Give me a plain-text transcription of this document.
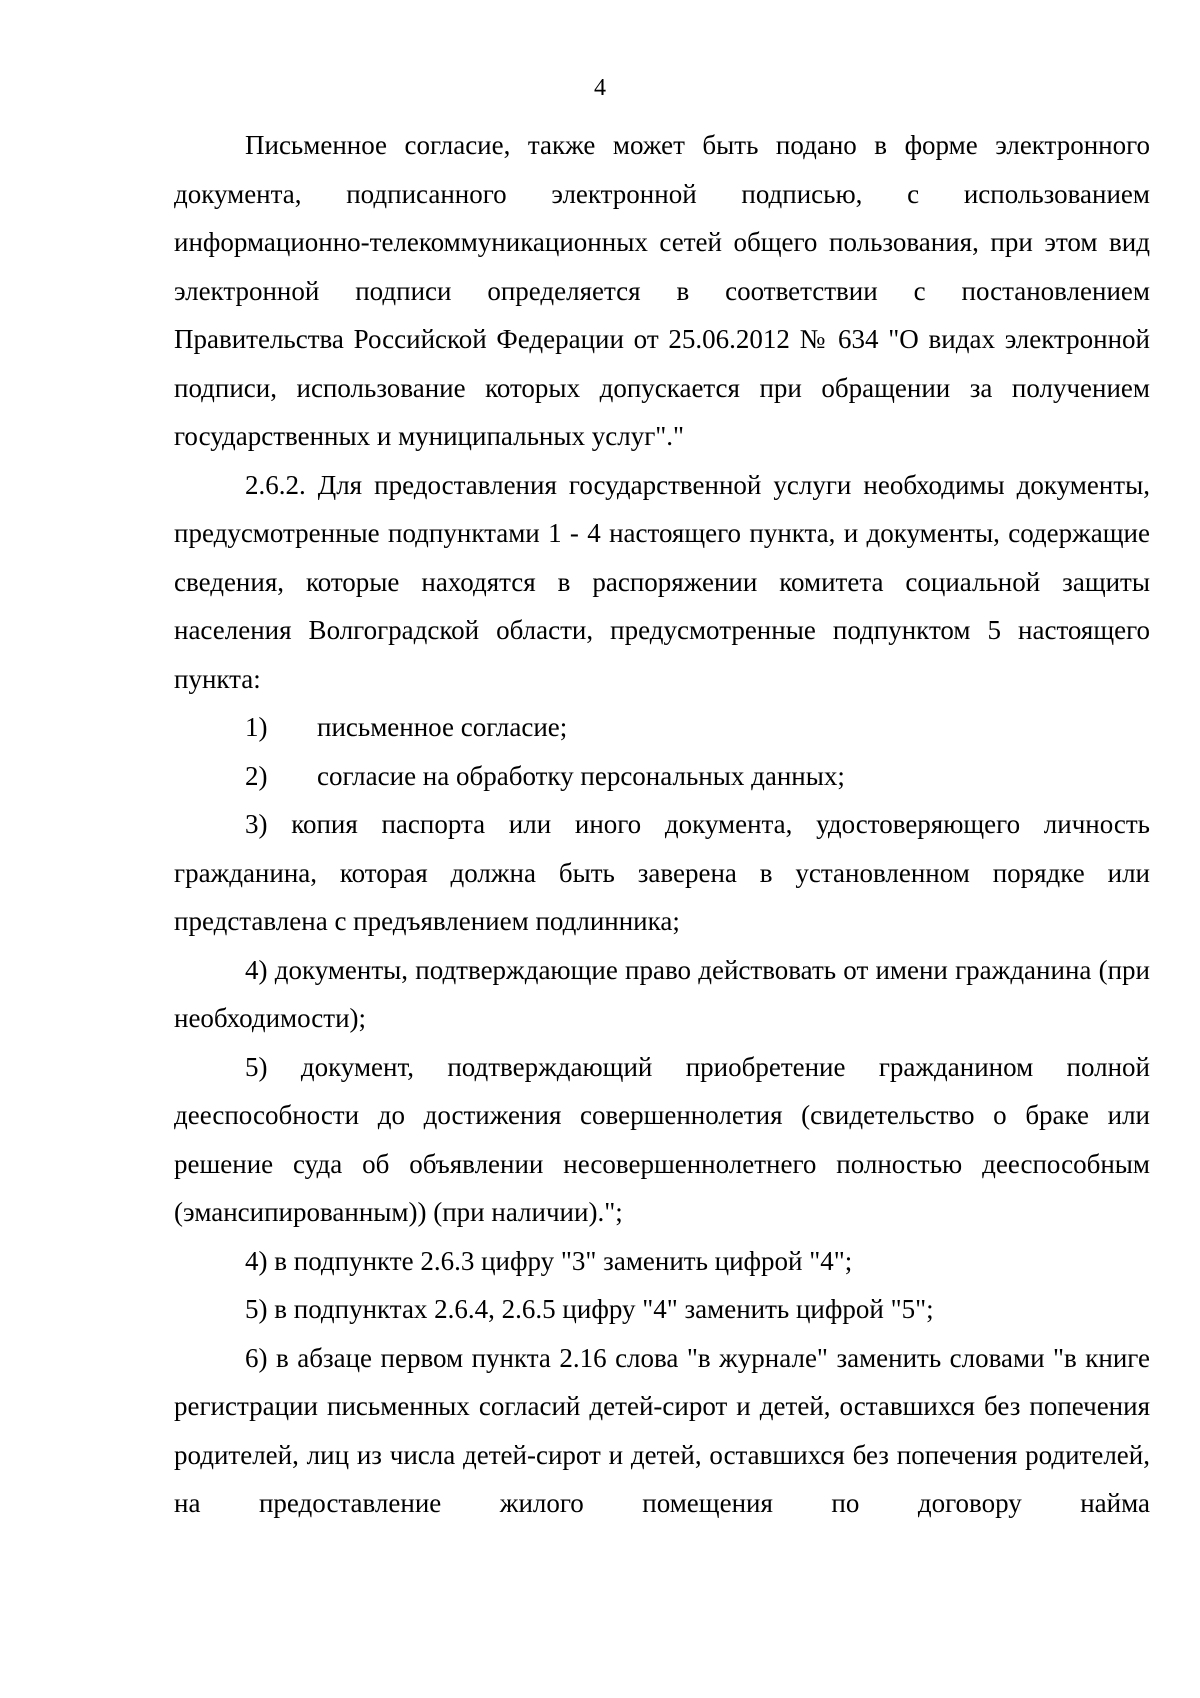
4

Письменное согласие, также может быть подано в форме электронного документа, подписанного электронной подписью, с использованием информационно-телекоммуникационных сетей общего пользования, при этом вид электронной подписи определяется в соответствии с постановлением Правительства Российской Федерации от 25.06.2012 № 634 "О видах электронной подписи, использование которых допускается при обращении за получением государственных и муниципальных услуг"."

2.6.2. Для предоставления государственной услуги необходимы документы, предусмотренные подпунктами 1 - 4 настоящего пункта, и документы, содержащие сведения, которые находятся в распоряжении комитета социальной защиты населения Волгоградской области, предусмотренные подпунктом 5 настоящего пункта:

1) письменное согласие;

2) согласие на обработку персональных данных;

3) копия паспорта или иного документа, удостоверяющего личность гражданина, которая должна быть заверена в установленном порядке или представлена с предъявлением подлинника;

4) документы, подтверждающие право действовать от имени гражданина (при необходимости);

5) документ, подтверждающий приобретение гражданином полной дееспособности до достижения совершеннолетия (свидетельство о браке или решение суда об объявлении несовершеннолетнего полностью дееспособным (эмансипированным)) (при наличии).";

4) в подпункте 2.6.3 цифру "3" заменить цифрой "4";

5) в подпунктах 2.6.4, 2.6.5 цифру "4" заменить цифрой "5";

6) в абзаце первом пункта 2.16 слова "в журнале" заменить словами "в книге регистрации письменных согласий детей-сирот и детей, оставшихся без попечения родителей, лиц из числа детей-сирот и детей, оставшихся без попечения родителей, на предоставление жилого помещения по договору найма
